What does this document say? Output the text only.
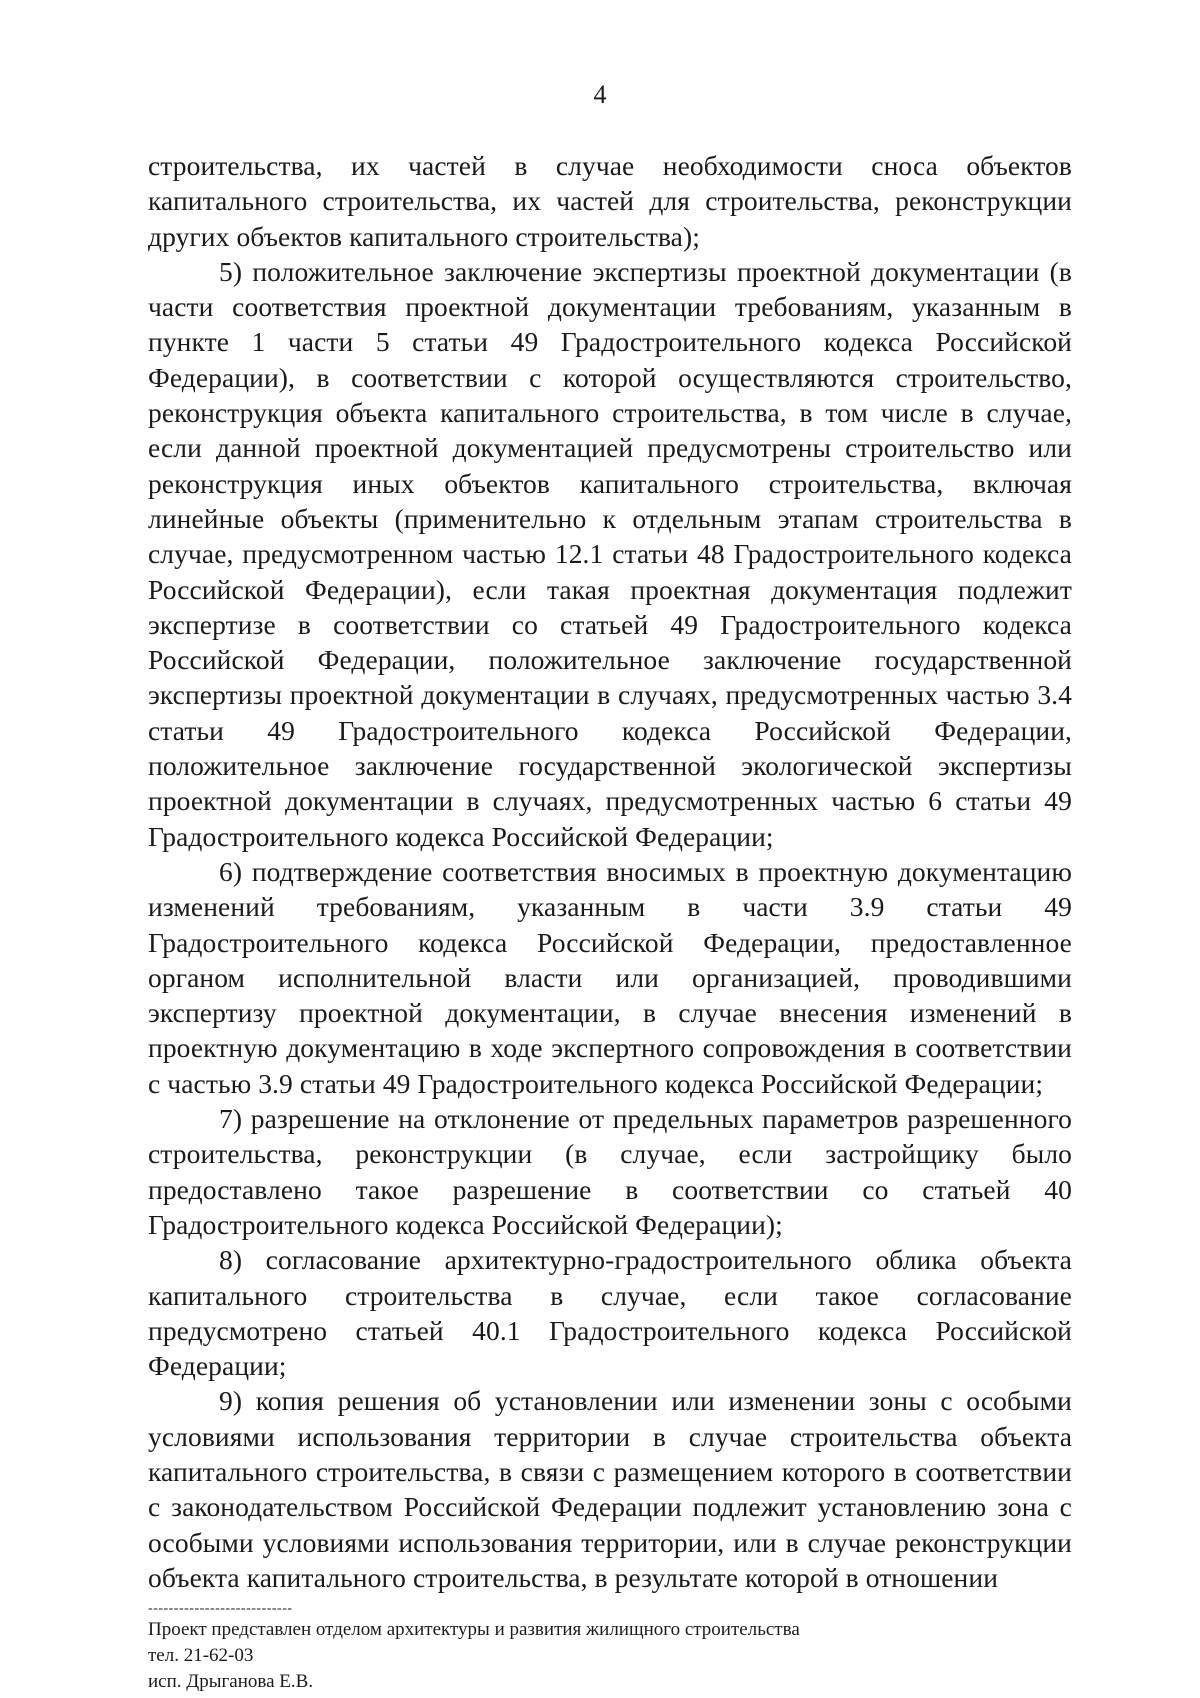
4

строительства, их частей в случае необходимости сноса объектов капитального строительства, их частей для строительства, реконструкции других объектов капитального строительства);

5) положительное заключение экспертизы проектной документации (в части соответствия проектной документации требованиям, указанным в пункте 1 части 5 статьи 49 Градостроительного кодекса Российской Федерации), в соответствии с которой осуществляются строительство, реконструкция объекта капитального строительства, в том числе в случае, если данной проектной документацией предусмотрены строительство или реконструкция иных объектов капитального строительства, включая линейные объекты (применительно к отдельным этапам строительства в случае, предусмотренном частью 12.1 статьи 48 Градостроительного кодекса Российской Федерации), если такая проектная документация подлежит экспертизе в соответствии со статьей 49 Градостроительного кодекса Российской Федерации, положительное заключение государственной экспертизы проектной документации в случаях, предусмотренных частью 3.4 статьи 49 Градостроительного кодекса Российской Федерации, положительное заключение государственной экологической экспертизы проектной документации в случаях, предусмотренных частью 6 статьи 49 Градостроительного кодекса Российской Федерации;

6) подтверждение соответствия вносимых в проектную документацию изменений требованиям, указанным в части 3.9 статьи 49 Градостроительного кодекса Российской Федерации, предоставленное органом исполнительной власти или организацией, проводившими экспертизу проектной документации, в случае внесения изменений в проектную документацию в ходе экспертного сопровождения в соответствии с частью 3.9 статьи 49 Градостроительного кодекса Российской Федерации;

7) разрешение на отклонение от предельных параметров разрешенного строительства, реконструкции (в случае, если застройщику было предоставлено такое разрешение в соответствии со статьей 40 Градостроительного кодекса Российской Федерации);

8) согласование архитектурно-градостроительного облика объекта капитального строительства в случае, если такое согласование предусмотрено статьей 40.1 Градостроительного кодекса Российской Федерации;

9) копия решения об установлении или изменении зоны с особыми условиями использования территории в случае строительства объекта капитального строительства, в связи с размещением которого в соответствии с законодательством Российской Федерации подлежит установлению зона с особыми условиями использования территории, или в случае реконструкции объекта капитального строительства, в результате которой в отношении

----------------------------
Проект представлен отделом архитектуры и развития жилищного строительства
тел. 21-62-03
исп. Дрыганова Е.В.
